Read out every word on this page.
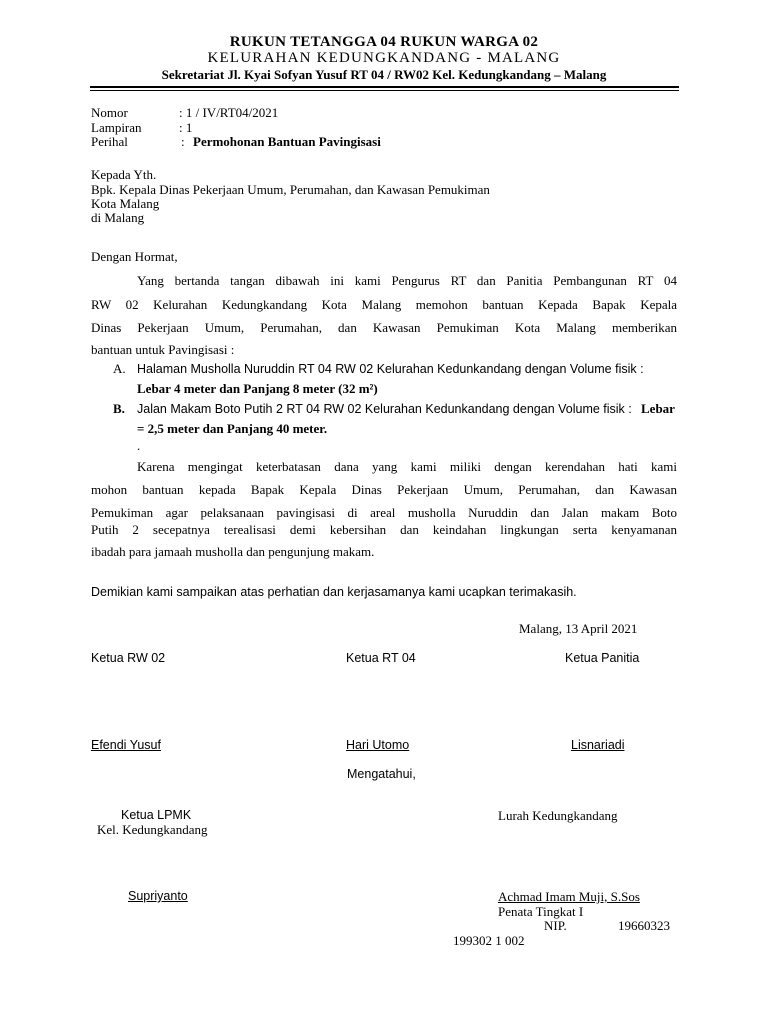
RUKUN TETANGGA 04 RUKUN WARGA 02
KELURAHAN KEDUNGKANDANG - MALANG
Sekretariat Jl. Kyai Sofyan Yusuf RT 04 / RW02 Kel. Kedungkandang – Malang
Nomor	: 1 / IV/RT04/2021
Lampiran	: 1
Perihal	: Permohonan Bantuan Pavingisasi
Kepada Yth.
Bpk. Kepala Dinas Pekerjaan Umum, Perumahan, dan Kawasan Pemukiman
Kota Malang
di Malang
Dengan Hormat,
Yang bertanda tangan dibawah ini kami Pengurus RT dan Panitia Pembangunan RT 04
RW 02 Kelurahan Kedungkandang Kota Malang memohon bantuan Kepada Bapak Kepala
Dinas Pekerjaan Umum, Perumahan, dan Kawasan Pemukiman Kota Malang memberikan
bantuan untuk Pavingisasi :
A. Halaman Musholla Nuruddin RT 04 RW 02 Kelurahan Kedunkandang dengan Volume fisik :
Lebar 4 meter dan Panjang 8 meter (32 m²)
B. Jalan Makam Boto Putih 2 RT 04 RW 02 Kelurahan Kedunkandang dengan Volume fisik : Lebar
= 2,5 meter dan Panjang 40 meter.
.
Karena mengingat keterbatasan dana yang kami miliki dengan kerendahan hati kami
mohon bantuan kepada Bapak Kepala Dinas Pekerjaan Umum, Perumahan, dan Kawasan
Pemukiman agar pelaksanaan pavingisasi di areal musholla Nuruddin dan Jalan makam Boto
Putih 2 secepatnya terealisasi demi kebersihan dan keindahan lingkungan serta kenyamanan
ibadah para jamaah musholla dan pengunjung makam.
Demikian kami sampaikan atas perhatian dan kerjasamanya kami ucapkan terimakasih.
Malang, 13 April 2021
Ketua RW 02	Ketua RT 04	Ketua Panitia
Efendi Yusuf	Hari Utomo	Lisnariadi
Mengatahui,
Ketua LPMK
Kel. Kedungkandang
Lurah Kedungkandang
Supriyanto	Achmad Imam Muji, S.Sos
Penata Tingkat I
NIP.	19660323
199302 1 002
